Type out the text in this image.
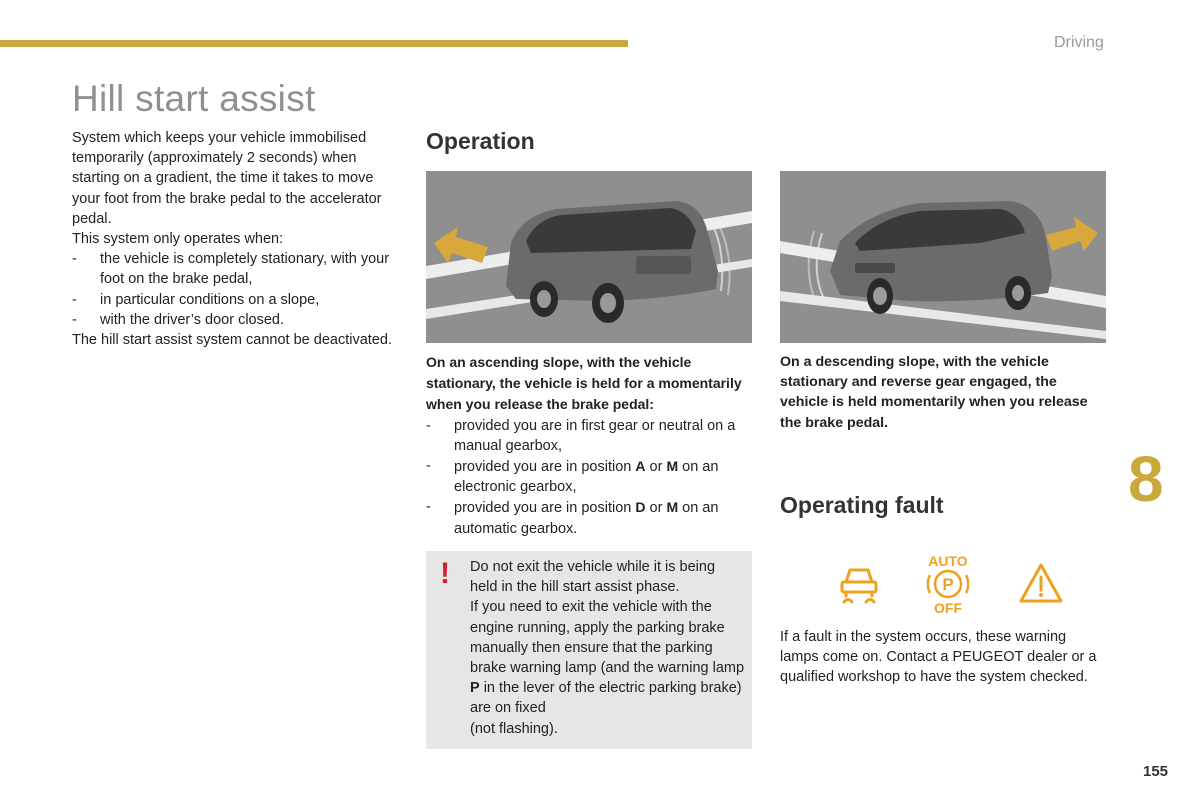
Driving
Hill start assist

System which keeps your vehicle immobilised temporarily (approximately 2 seconds) when starting on a gradient, the time it takes to move your foot from the brake pedal to the accelerator pedal.

This system only operates when:

- the vehicle is completely stationary, with your foot on the brake pedal,
- in particular conditions on a slope,
- with the driver’s door closed.

The hill start assist system cannot be deactivated.

Operation
On an ascending slope, with the vehicle stationary, the vehicle is held for a momentarily when you release the brake pedal:
- provided you are in first gear or neutral on a manual gearbox,
- provided you are in position A or M on an electronic gearbox,
- provided you are in position D or M on an automatic gearbox.
On a descending slope, with the vehicle stationary and reverse gear engaged, the vehicle is held momentarily when you release the brake pedal.
! Do not exit the vehicle while it is being held in the hill start assist phase.

If you need to exit the vehicle with the engine running, apply the parking brake manually then ensure that the parking brake warning lamp (and the warning lamp P in the lever of the electric parking brake) are on fixed

(not flashing).

Operating fault
AUTO
P
OFF
If a fault in the system occurs, these warning lamps come on. Contact a PEUGEOT dealer or a qualified workshop to have the system checked.
8
155
